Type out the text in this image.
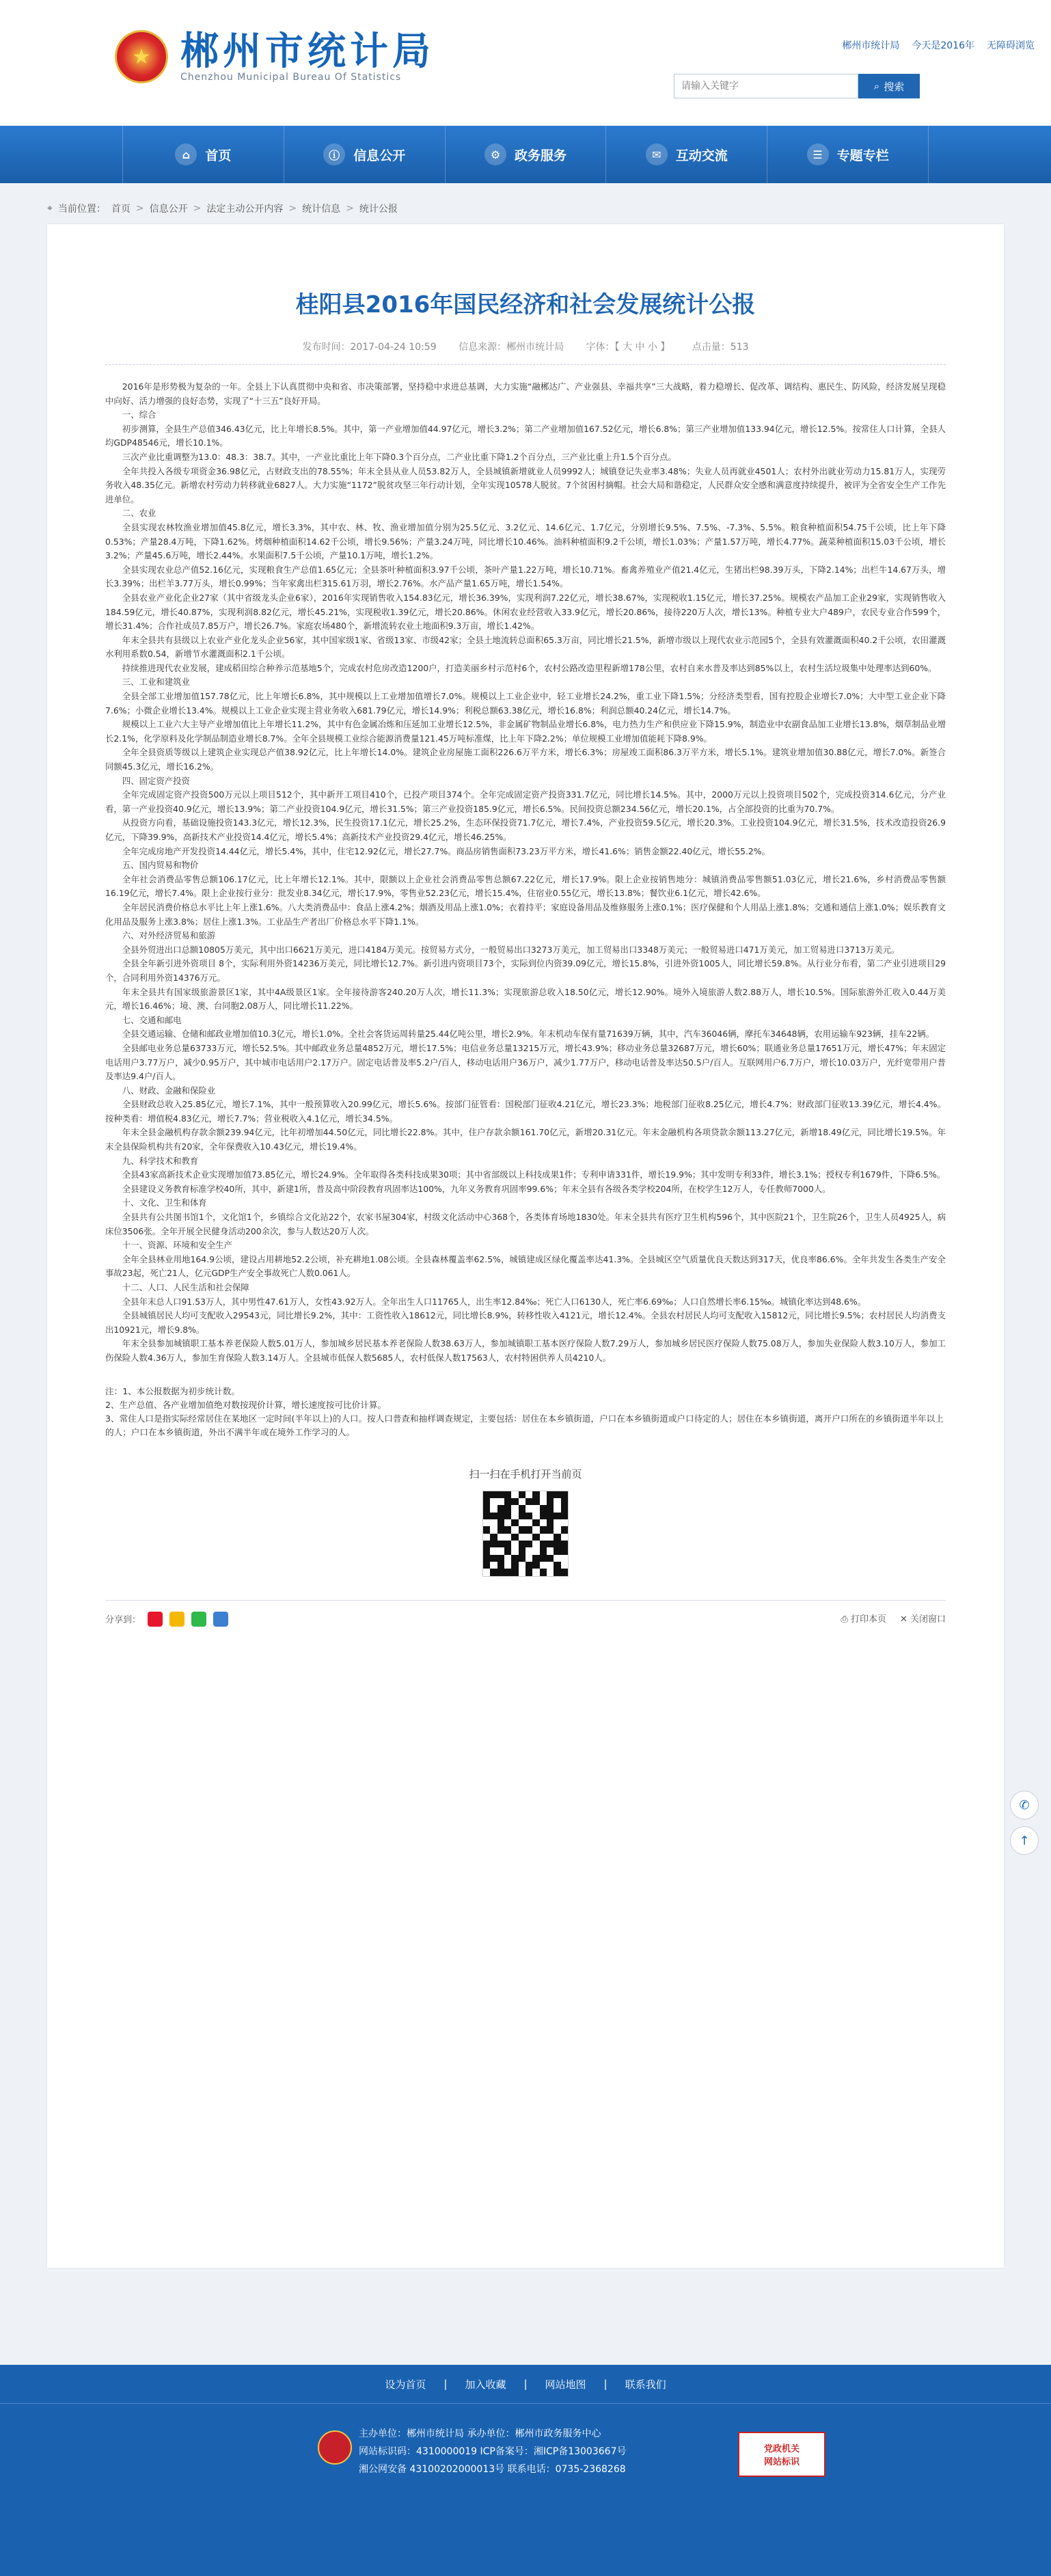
★ 郴州市统计局
Chenzhou Municipal Bureau Of Statistics
郴州市统计局 今天是2016年 无障碍浏览
请输入关键字
⌕ 搜索
⌂	首页	ⓘ	信息公开	⚙	政务服务	✉	互动交流	☰	专题专栏
⌖ 当前位置： 首页 > 信息公开 > 法定主动公开内容 > 统计信息 > 统计公报
桂阳县2016年国民经济和社会发展统计公报
发布时间：2017-04-24 10:59 信息来源：郴州市统计局 字体：【 大 中 小 】 点击量：513

2016年是形势极为复杂的一年。全县上下认真贯彻中央和省、市决策部署，坚持稳中求进总基调，大力实施“融郴达广、产业强县、幸福共享”三大战略，着力稳增长、促改革、调结构、惠民生、防风险，经济发展呈现稳中向好、活力增强的良好态势，实现了“十三五”良好开局。

一、综合

初步测算，全县生产总值346.43亿元，比上年增长8.5%。其中，第一产业增加值44.97亿元，增长3.2%；第二产业增加值167.52亿元，增长6.8%；第三产业增加值133.94亿元，增长12.5%。按常住人口计算，全县人均GDP48546元，增长10.1%。

三次产业比重调整为13.0：48.3：38.7。其中，一产业比重比上年下降0.3个百分点，二产业比重下降1.2个百分点，三产业比重上升1.5个百分点。

全年共投入各级专项资金36.98亿元，占财政支出的78.55%；年末全县从业人员53.82万人，全县城镇新增就业人员9992人；城镇登记失业率3.48%；失业人员再就业4501人；农村外出就业劳动力15.81万人，实现劳务收入48.35亿元。新增农村劳动力转移就业6827人。大力实施“1172”脱贫攻坚三年行动计划，全年实现10578人脱贫。7个贫困村摘帽。社会大局和谐稳定，人民群众安全感和满意度持续提升，被评为全省安全生产工作先进单位。

二、农业

全县实现农林牧渔业增加值45.8亿元，增长3.3%，其中农、林、牧、渔业增加值分别为25.5亿元、3.2亿元、14.6亿元、1.7亿元，分别增长9.5%、7.5%、-7.3%、5.5%。粮食种植面积54.75千公顷，比上年下降0.53%；产量28.4万吨，下降1.62%。烤烟种植面积14.62千公顷，增长9.56%；产量3.24万吨，同比增长10.46%。油料种植面积9.2千公顷，增长1.03%；产量1.57万吨，增长4.77%。蔬菜种植面积15.03千公顷，增长3.2%；产量45.6万吨，增长2.44%。水果面积7.5千公顷，产量10.1万吨，增长1.2%。

全县实现农业总产值52.16亿元，实现粮食生产总值1.65亿元；全县茶叶种植面积3.97千公顷，茶叶产量1.22万吨，增长10.71%。畜禽养殖业产值21.4亿元，生猪出栏98.39万头，下降2.14%；出栏牛14.67万头，增长3.39%；出栏羊3.77万头，增长0.99%；当年家禽出栏315.61万羽，增长2.76%。水产品产量1.65万吨，增长1.54%。

全县农业产业化企业27家（其中省级龙头企业6家），2016年实现销售收入154.83亿元，增长36.39%，实现利润7.22亿元，增长38.67%，实现税收1.15亿元，增长37.25%。规模农产品加工企业29家，实现销售收入184.59亿元，增长40.87%，实现利润8.82亿元，增长45.21%，实现税收1.39亿元，增长20.86%。休闲农业经营收入33.9亿元，增长20.86%，接待220万人次，增长13%。种植专业大户489户，农民专业合作599个，增长31.4%；合作社成员7.85万户，增长26.7%。家庭农场480个，新增流转农业土地面积9.3万亩，增长1.42%。

年末全县共有县级以上农业产业化龙头企业56家，其中国家级1家、省级13家、市级42家；全县土地流转总面积65.3万亩，同比增长21.5%，新增市级以上现代农业示范园5个，全县有效灌溉面积40.2千公顷，农田灌溉水利用系数0.54，新增节水灌溉面积2.1千公顷。

持续推进现代农业发展，建成稻田综合种养示范基地5个，完成农村危房改造1200户，打造美丽乡村示范村6个，农村公路改造里程新增178公里，农村自来水普及率达到85%以上，农村生活垃圾集中处理率达到60%。

三、工业和建筑业

全县全部工业增加值157.78亿元，比上年增长6.8%，其中规模以上工业增加值增长7.0%。规模以上工业企业中，轻工业增长24.2%，重工业下降1.5%；分经济类型看，国有控股企业增长7.0%；大中型工业企业下降7.6%；小微企业增长13.4%。规模以上工业企业实现主营业务收入681.79亿元，增长14.9%；利税总额63.38亿元，增长16.8%；利润总额40.24亿元，增长14.7%。

规模以上工业六大主导产业增加值比上年增长11.2%，其中有色金属冶炼和压延加工业增长12.5%，非金属矿物制品业增长6.8%，电力热力生产和供应业下降15.9%，制造业中农副食品加工业增长13.8%，烟草制品业增长2.1%，化学原料及化学制品制造业增长8.7%。全年全县规模工业综合能源消费量121.45万吨标准煤，比上年下降2.2%；单位规模工业增加值能耗下降8.9%。

全年全县资质等级以上建筑企业实现总产值38.92亿元，比上年增长14.0%。建筑企业房屋施工面积226.6万平方米，增长6.3%；房屋竣工面积86.3万平方米，增长5.1%。建筑业增加值30.88亿元，增长7.0%。新签合同额45.3亿元，增长16.2%。

四、固定资产投资

全年完成固定资产投资500万元以上项目512个，其中新开工项目410个，已投产项目374个。全年完成固定资产投资331.7亿元，同比增长14.5%。其中，2000万元以上投资项目502个，完成投资314.6亿元，分产业看，第一产业投资40.9亿元，增长13.9%；第二产业投资104.9亿元，增长31.5%；第三产业投资185.9亿元，增长6.5%。民间投资总额234.56亿元，增长20.1%，占全部投资的比重为70.7%。

从投资方向看，基础设施投资143.3亿元，增长12.3%，民生投资17.1亿元，增长25.2%，生态环保投资71.7亿元，增长7.4%，产业投资59.5亿元，增长20.3%。工业投资104.9亿元，增长31.5%，技术改造投资26.9亿元，下降39.9%，高新技术产业投资14.4亿元，增长5.4%；高新技术产业投资29.4亿元，增长46.25%。

全年完成房地产开发投资14.44亿元，增长5.4%，其中，住宅12.92亿元，增长27.7%。商品房销售面积73.23万平方米，增长41.6%；销售金额22.40亿元，增长55.2%。

五、国内贸易和物价

全年社会消费品零售总额106.17亿元，比上年增长12.1%。其中，限额以上企业社会消费品零售总额67.22亿元，增长17.9%。限上企业按销售地分：城镇消费品零售额51.03亿元，增长21.6%，乡村消费品零售额16.19亿元，增长7.4%。限上企业按行业分：批发业8.34亿元，增长17.9%，零售业52.23亿元，增长15.4%，住宿业0.55亿元，增长13.8%；餐饮业6.1亿元，增长42.6%。

全年居民消费价格总水平比上年上涨1.6%。八大类消费品中：食品上涨4.2%；烟酒及用品上涨1.0%；衣着持平；家庭设备用品及维修服务上涨0.1%；医疗保健和个人用品上涨1.8%；交通和通信上涨1.0%；娱乐教育文化用品及服务上涨3.8%；居住上涨1.3%。工业品生产者出厂价格总水平下降1.1%。

六、对外经济贸易和旅游

全县外贸进出口总额10805万美元，其中出口6621万美元，进口4184万美元。按贸易方式分，一般贸易出口3273万美元，加工贸易出口3348万美元；一般贸易进口471万美元，加工贸易进口3713万美元。

全县全年新引进外资项目 8个，实际利用外资14236万美元，同比增长12.7%。新引进内资项目73个，实际到位内资39.09亿元，增长15.8%，引进外资1005人，同比增长59.8%。从行业分布看，第二产业引进项目29个，合同利用外资14376万元。

年末全县共有国家级旅游景区1家，其中4A级景区1家。全年接待游客240.20万人次，增长11.3%；实现旅游总收入18.50亿元，增长12.90%。境外入境旅游人数2.88万人，增长10.5%。国际旅游外汇收入0.44万美元，增长16.46%；境、澳、台同胞2.08万人，同比增长11.22%。

七、交通和邮电

全县交通运输、仓储和邮政业增加值10.3亿元，增长1.0%。全社会客货运周转量25.44亿吨公里，增长2.9%。年末机动车保有量71639万辆，其中，汽车36046辆，摩托车34648辆，农用运输车923辆，挂车22辆。

全县邮电业务总量63733万元，增长52.5%。其中邮政业务总量4852万元，增长17.5%；电信业务总量13215万元，增长43.9%；移动业务总量32687万元，增长60%；联通业务总量17651万元，增长47%；年末固定电话用户3.77万户，减少0.95万户，其中城市电话用户2.17万户。固定电话普及率5.2户/百人，移动电话用户36万户，减少1.77万户，移动电话普及率达50.5户/百人。互联网用户6.7万户，增长10.03万户，光纤宽带用户普及率达9.4户/百人。

八、财政、金融和保险业

全县财政总收入25.85亿元，增长7.1%，其中一般预算收入20.99亿元，增长5.6%。按部门征管看：国税部门征收4.21亿元，增长23.3%；地税部门征收8.25亿元，增长4.7%；财政部门征收13.39亿元，增长4.4%。按种类看：增值税4.83亿元，增长7.7%；营业税收入4.1亿元，增长34.5%。

年末全县金融机构存款余额239.94亿元，比年初增加44.50亿元，同比增长22.8%。其中，住户存款余额161.70亿元，新增20.31亿元。年末金融机构各项贷款余额113.27亿元，新增18.49亿元，同比增长19.5%。年末全县保险机构共有20家，全年保费收入10.43亿元，增长19.4%。

九、科学技术和教育

全县43家高新技术企业实现增加值73.85亿元，增长24.9%。全年取得各类科技成果30项；其中省部级以上科技成果1件；专利申请331件，增长19.9%；其中发明专利33件，增长3.1%；授权专利1679件，下降6.5%。

全县建设义务教育标准学校40所，其中，新建1所，普及高中阶段教育巩固率达100%，九年义务教育巩固率99.6%；年末全县有各级各类学校204所，在校学生12万人，专任教师7000人。

十、文化、卫生和体育

全县共有公共图书馆1个，文化馆1个，乡镇综合文化站22个，农家书屋304家，村级文化活动中心368个，各类体育场地1830处。年末全县共有医疗卫生机构596个，其中医院21个，卫生院26个，卫生人员4925人，病床位3506张。全年开展全民健身活动200余次，参与人数达20万人次。

十一、资源、环境和安全生产

全年全县林业用地164.9公顷，建设占用耕地52.2公顷，补充耕地1.08公顷。全县森林覆盖率62.5%，城镇建成区绿化覆盖率达41.3%。全县城区空气质量优良天数达到317天，优良率86.6%。全年共发生各类生产安全事故23起，死亡21人，亿元GDP生产安全事故死亡人数0.061人。

十二、人口、人民生活和社会保障

全县年末总人口91.53万人，其中男性47.61万人，女性43.92万人。全年出生人口11765人，出生率12.84‰；死亡人口6130人，死亡率6.69‰；人口自然增长率6.15‰。城镇化率达到48.6%。

全县城镇居民人均可支配收入29543元，同比增长9.2%，其中：工资性收入18612元，同比增长8.9%，转移性收入4121元，增长12.4%。全县农村居民人均可支配收入15812元，同比增长9.5%；农村居民人均消费支出10921元，增长9.8%。

年末全县参加城镇职工基本养老保险人数5.01万人，参加城乡居民基本养老保险人数38.63万人，参加城镇职工基本医疗保险人数7.29万人，参加城乡居民医疗保险人数75.08万人，参加失业保险人数3.10万人，参加工伤保险人数4.36万人，参加生育保险人数3.14万人。全县城市低保人数5685人，农村低保人数17563人，农村特困供养人员4210人。

注：1、本公报数据为初步统计数。
2、生产总值、各产业增加值绝对数按现价计算，增长速度按可比价计算。
3、常住人口是指实际经常居住在某地区一定时间(半年以上)的人口。按人口普查和抽样调查规定，主要包括：居住在本乡镇街道，户口在本乡镇街道或户口待定的人；居住在本乡镇街道，离开户口所在的乡镇街道半年以上的人；户口在本乡镇街道，外出不满半年或在境外工作学习的人。
扫一扫在手机打开当前页
分享到：	⎙ 打印本页 ✕ 关闭窗口
✆
↑
设为首页 | 加入收藏 | 网站地图 | 联系我们
主办单位：郴州市统计局 承办单位：郴州市政务服务中心
网站标识码：4310000019 ICP备案号：湘ICP备13003667号
湘公网安备 43100202000013号 联系电话：0735-2368268
党政机关
网站标识
